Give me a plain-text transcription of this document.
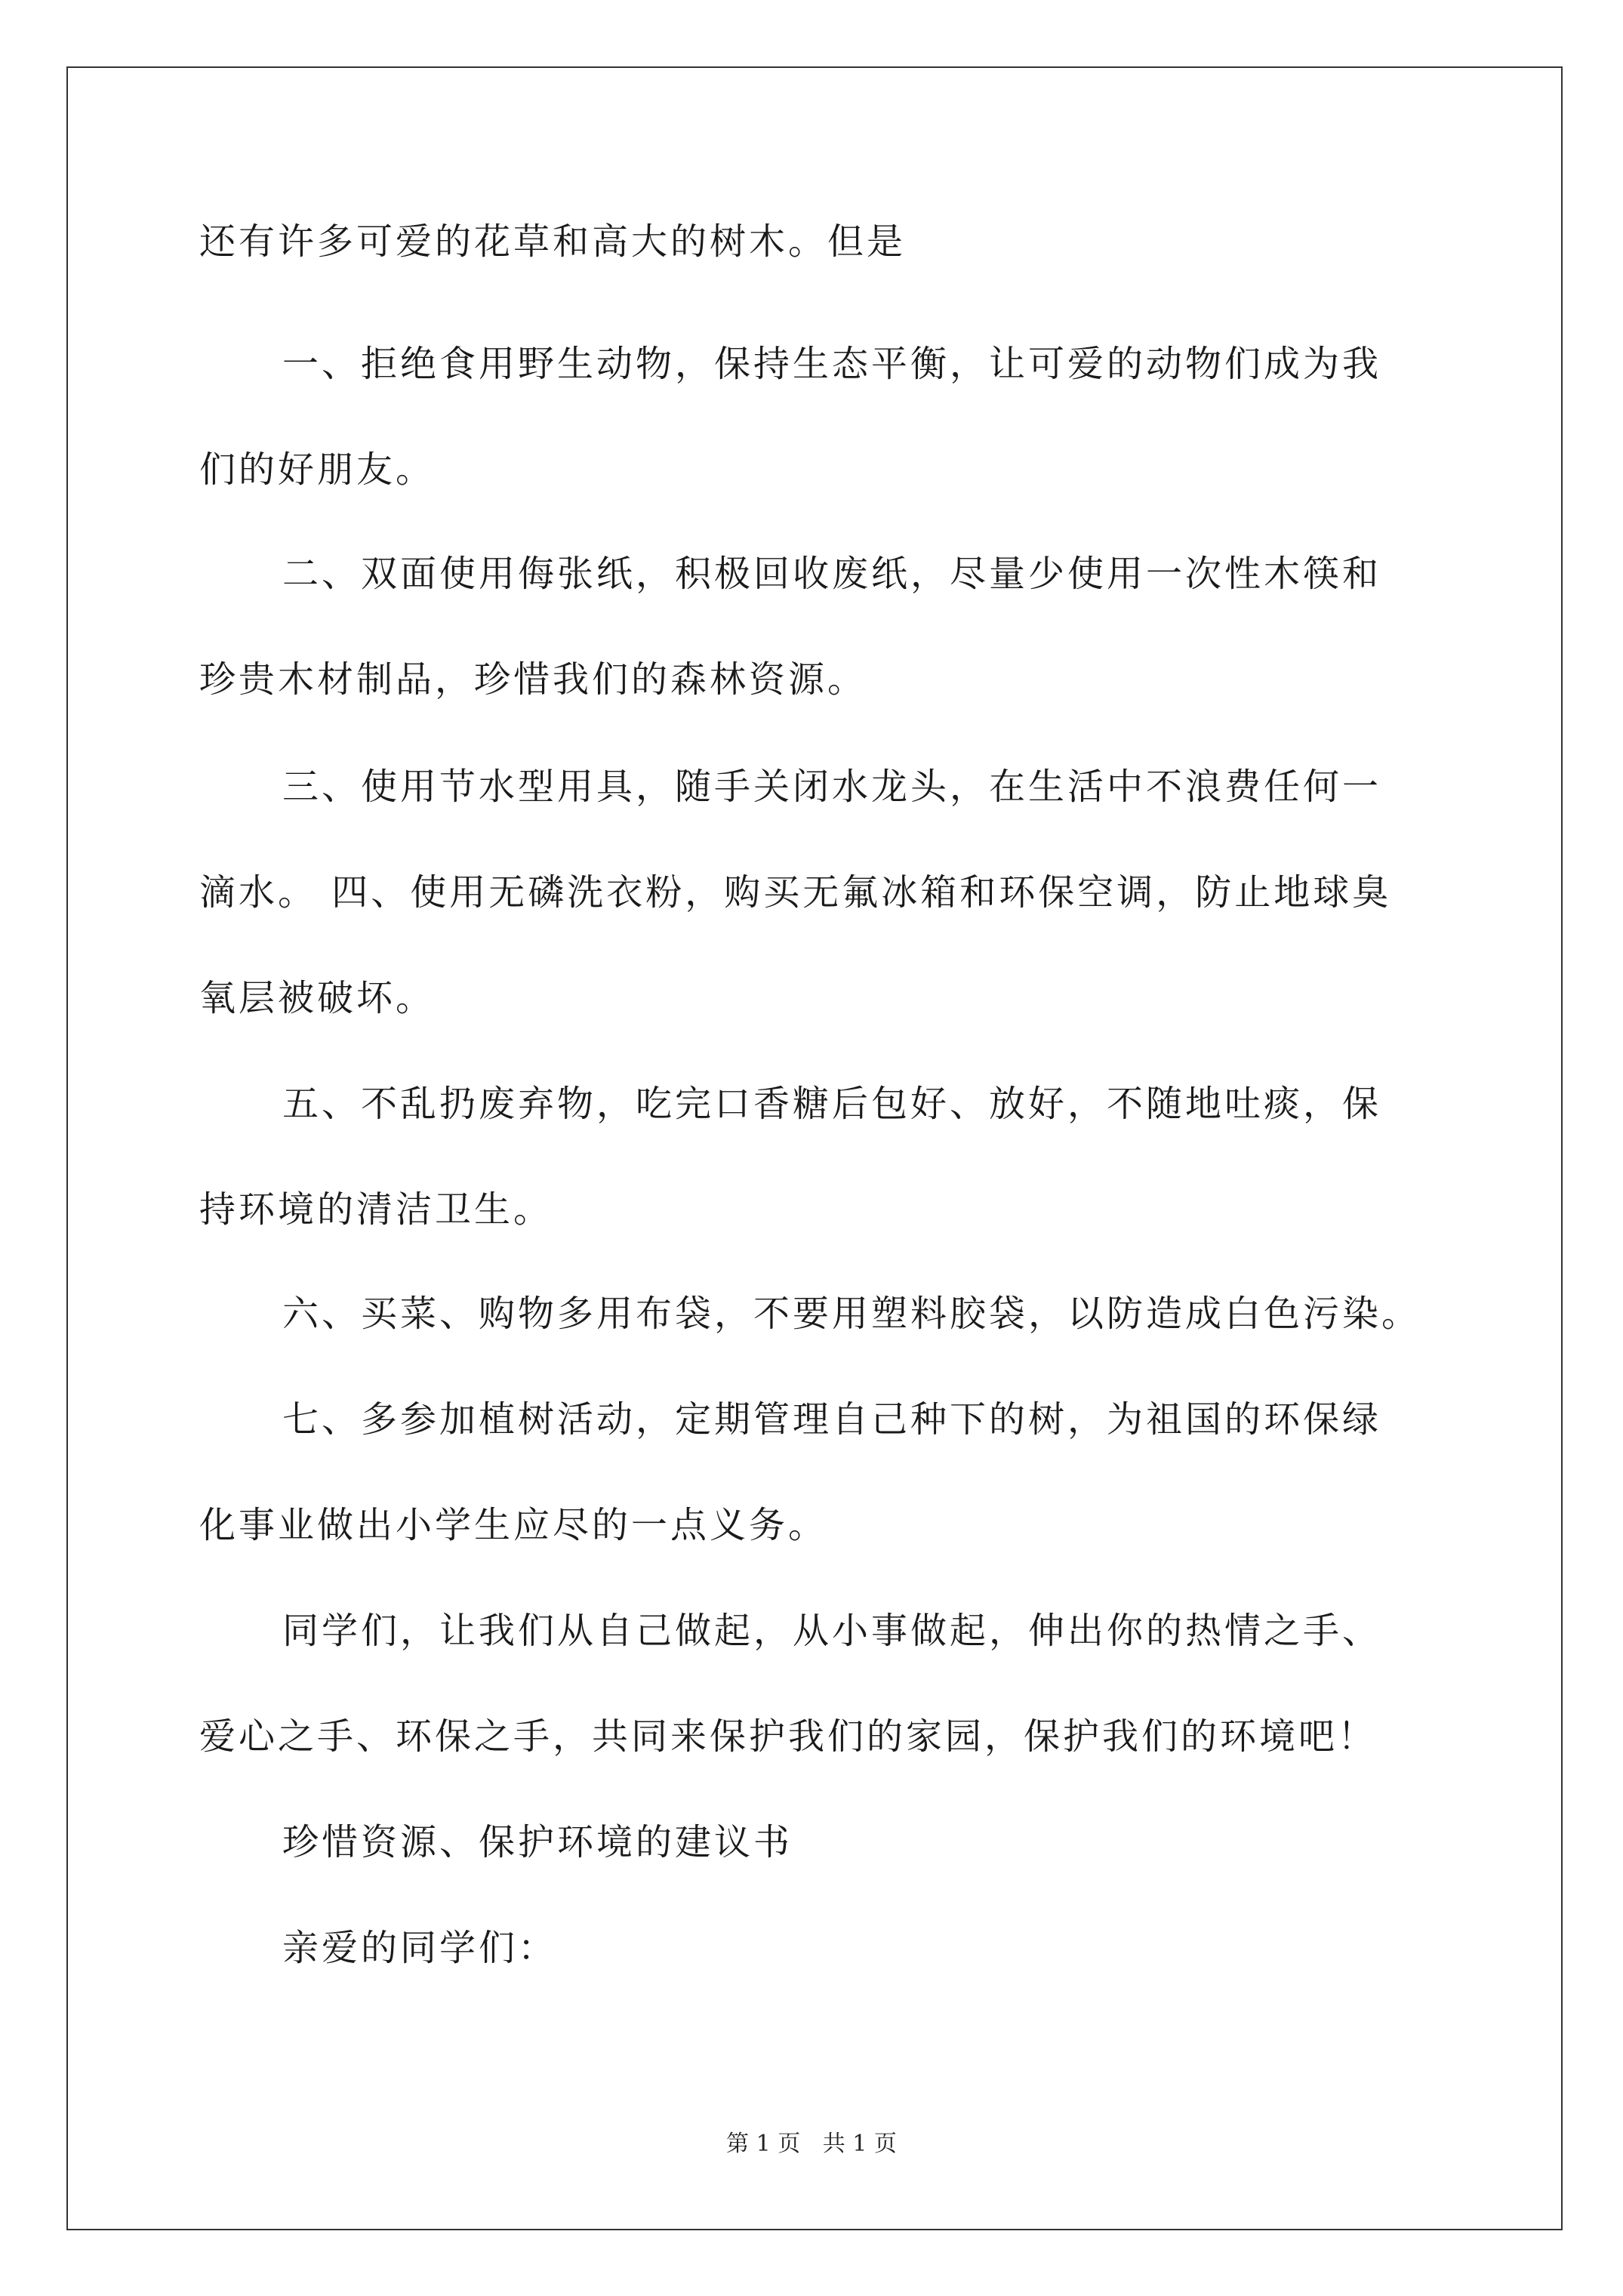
还有许多可爱的花草和高大的树木。但是
一、拒绝食用野生动物，保持生态平衡，让可爱的动物们成为我
们的好朋友。
二、双面使用侮张纸，积极回收废纸，尽量少使用一次性木筷和
珍贵木材制品，珍惜我们的森林资源。
三、使用节水型用具，随手关闭水龙头，在生活中不浪费任何一
滴水。 四、使用无磷洗衣粉，购买无氟冰箱和环保空调，防止地球臭
氧层被破坏。
五、不乱扔废弃物，吃完口香糖后包好、放好，不随地吐痰，保
持环境的清洁卫生。
六、买菜、购物多用布袋，不要用塑料胶袋，以防造成白色污染。
七、多参加植树活动，定期管理自己种下的树，为祖国的环保绿
化事业做出小学生应尽的一点义务。
同学们，让我们从自己做起，从小事做起，伸出你的热情之手、
爱心之手、环保之手，共同来保护我们的家园，保护我们的环境吧！
珍惜资源、保护环境的建议书
亲爱的同学们：
第 1 页 共 1 页
